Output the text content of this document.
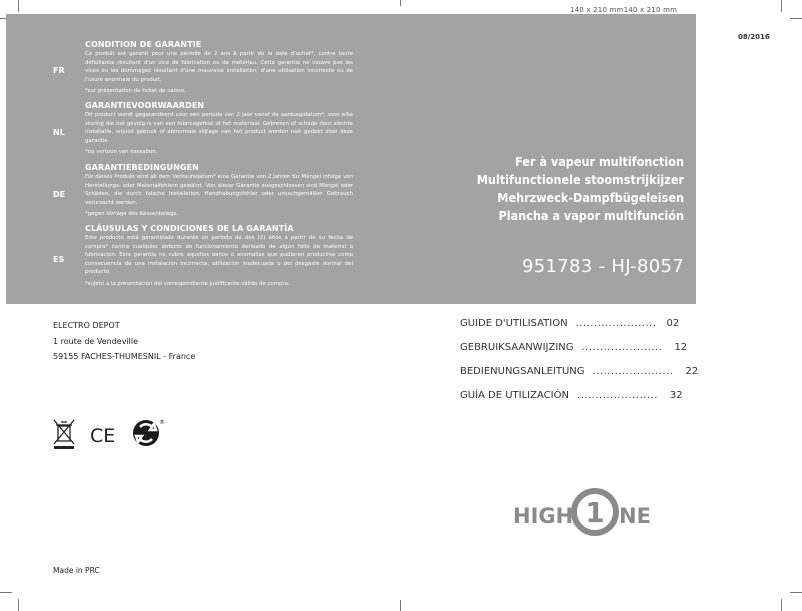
140 x 210 mm140 x 210 mm
08/2016
FR
CONDITION DE GARANTIE
Ce produit est garanti pour une période de 2 ans à partir de la date d'achat*, contre toute défaillance résultant d'un vice de fabrication ou de matériau. Cette garantie ne couvre pas les vices ou les dommages résultant d'une mauvaise installation, d'une utilisation incorrecte ou de l'usure anormale du produit.
*sur présentation du ticket de caisse.
NL
GARANTIEVOORWAARDEN
Dit product wordt gegarandeerd voor een periode van 2 jaar vanaf de aankoopdatum*, voor elke storing die het gevolg is van een fabricagefout of het materiaal. Gebreken of schade door slechte installatie, onjuist gebruik of abnormale slijtage van het product worden niet gedekt door deze garantie.
*op vertoon van kassabon.
DE
GARANTIEBEDINGUNGEN
Für dieses Produkt wird ab dem Verkaufsdatum* eine Garantie von 2 Jahren für Mängel infolge von Herstellungs- oder Materialfehlern gewährt. Von dieser Garantie ausgeschlossen sind Mängel oder Schäden, die durch falsche Installation, Handhabungsfehler oder unsachgemäßen Gebrauch verursacht werden.
*gegen Vorlage des Kassenbelegs.
ES
CLÁUSULAS Y CONDICIONES DE LA GARANTÍA
Este producto está garantizado durante un periodo de dos (2) años a partir de su fecha de compra* contra cualquier defecto de funcionamiento derivado de algún fallo de material o fabricación. Esta garantía no cubre aquellos daños o anomalías que pudieran producirse como consecuencia de una instalación incorrecta, utilización inadecuada o del desgaste normal del producto.
*sujeto a la presentación del correspondiente justificante válido de compra.
Fer à vapeur multifonction
Multifunctionele stoomstrijkijzer
Mehrzweck-Dampfbügeleisen
Plancha a vapor multifunción
951783 - HJ-8057
ELECTRO DEPOT
1 route de Vendeville
59155 FACHES-THUMESNIL - France
GUIDE D'UTILISATION ...................... 02
GEBRUIKSAANWIJZING ...................... 12
BEDIENUNGSANLEITUNG ...................... 22
GUÍA DE UTILIZACIÓN ...................... 32
CE
®
HIGH 1 NE
Made in PRC
